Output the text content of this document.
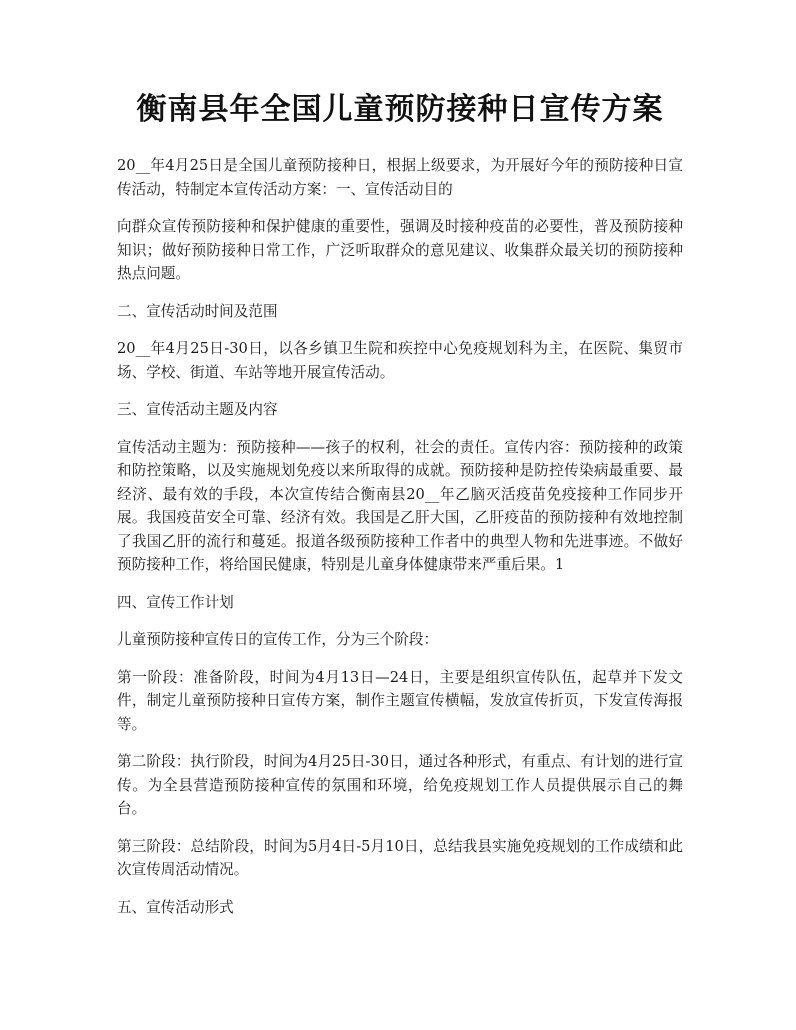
衡南县年全国儿童预防接种日宣传方案

20__年4月25日是全国儿童预防接种日，根据上级要求，为开展好今年的预防接种日宣传活动，特制定本宣传活动方案：一、宣传活动目的

向群众宣传预防接种和保护健康的重要性，强调及时接种疫苗的必要性，普及预防接种知识；做好预防接种日常工作，广泛听取群众的意见建议、收集群众最关切的预防接种热点问题。

二、宣传活动时间及范围

20__年4月25日-30日，以各乡镇卫生院和疾控中心免疫规划科为主，在医院、集贸市场、学校、街道、车站等地开展宣传活动。

三、宣传活动主题及内容

宣传活动主题为：预防接种——孩子的权利，社会的责任。宣传内容：预防接种的政策和防控策略，以及实施规划免疫以来所取得的成就。预防接种是防控传染病最重要、最经济、最有效的手段，本次宣传结合衡南县20__年乙脑灭活疫苗免疫接种工作同步开展。我国疫苗安全可靠、经济有效。我国是乙肝大国，乙肝疫苗的预防接种有效地控制了我国乙肝的流行和蔓延。报道各级预防接种工作者中的典型人物和先进事迹。不做好预防接种工作，将给国民健康，特别是儿童身体健康带来严重后果。1

四、宣传工作计划

儿童预防接种宣传日的宣传工作，分为三个阶段：

第一阶段：准备阶段，时间为4月13日—24日，主要是组织宣传队伍，起草并下发文件，制定儿童预防接种日宣传方案，制作主题宣传横幅，发放宣传折页，下发宣传海报等。

第二阶段：执行阶段，时间为4月25日-30日，通过各种形式，有重点、有计划的进行宣传。为全县营造预防接种宣传的氛围和环境，给免疫规划工作人员提供展示自己的舞台。

第三阶段：总结阶段，时间为5月4日-5月10日，总结我县实施免疫规划的工作成绩和此次宣传周活动情况。

五、宣传活动形式
